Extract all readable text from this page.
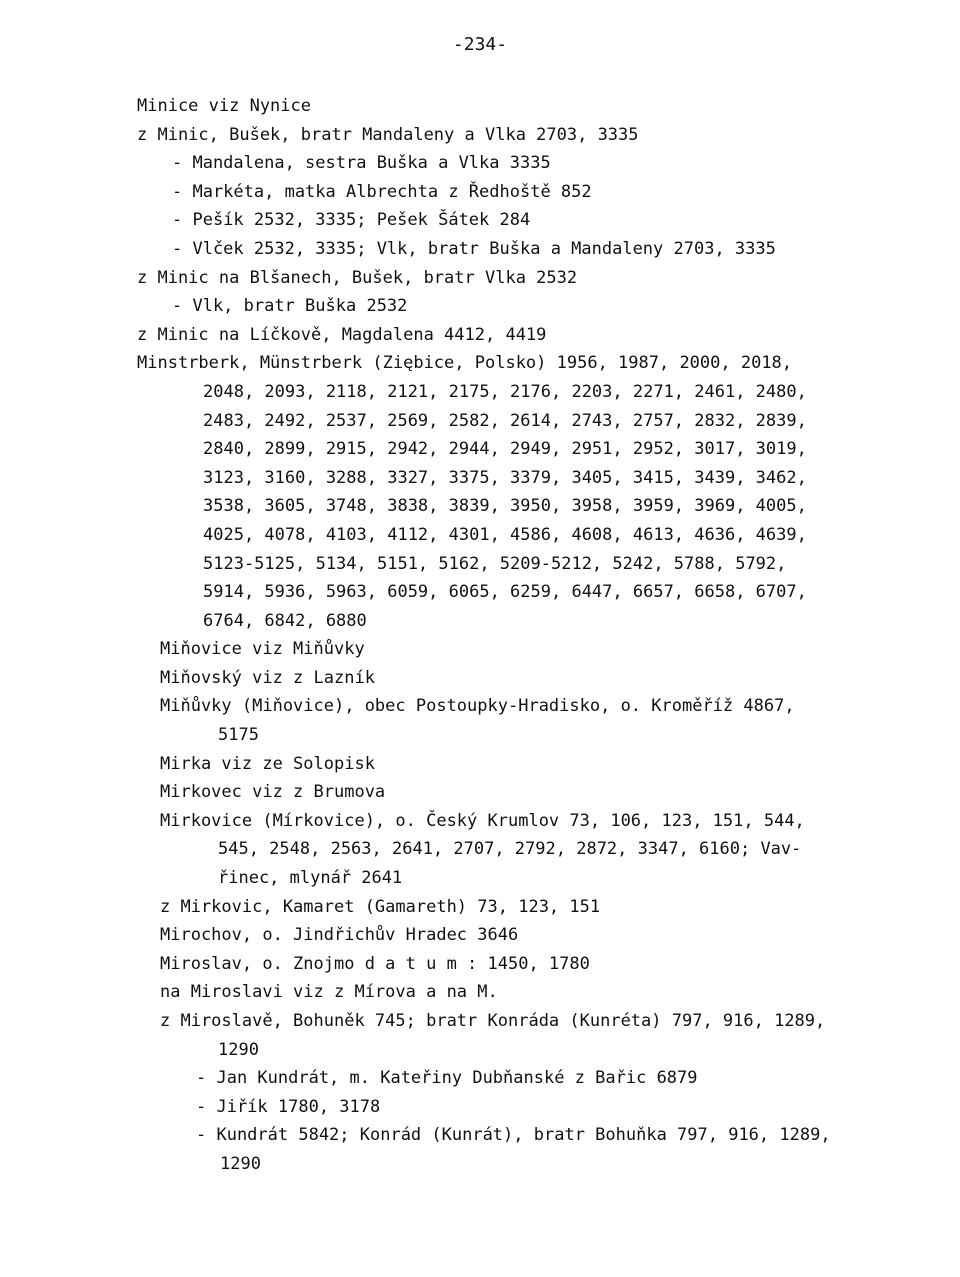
-234-
Minice viz Nynice
z Minic, Bušek, bratr Mandaleny a Vlka 2703, 3335
- Mandalena, sestra Buška a Vlka 3335
- Markéta, matka Albrechta z Ředhoště 852
- Pešík 2532, 3335; Pešek Šátek 284
- Vlček 2532, 3335; Vlk, bratr Buška a Mandaleny 2703, 3335
z Minic na Blšanech, Bušek, bratr Vlka 2532
- Vlk, bratr Buška 2532
z Minic na Líčkově, Magdalena 4412, 4419
Minstrberk, Münstrberk (Ziębice, Polsko) 1956, 1987, 2000, 2018,
2048, 2093, 2118, 2121, 2175, 2176, 2203, 2271, 2461, 2480,
2483, 2492, 2537, 2569, 2582, 2614, 2743, 2757, 2832, 2839,
2840, 2899, 2915, 2942, 2944, 2949, 2951, 2952, 3017, 3019,
3123, 3160, 3288, 3327, 3375, 3379, 3405, 3415, 3439, 3462,
3538, 3605, 3748, 3838, 3839, 3950, 3958, 3959, 3969, 4005,
4025, 4078, 4103, 4112, 4301, 4586, 4608, 4613, 4636, 4639,
5123-5125, 5134, 5151, 5162, 5209-5212, 5242, 5788, 5792,
5914, 5936, 5963, 6059, 6065, 6259, 6447, 6657, 6658, 6707,
6764, 6842, 6880
Miňovice viz Miňůvky
Miňovský viz z Lazník
Miňůvky (Miňovice), obec Postoupky-Hradisko, o. Kroměříž 4867,
5175
Mirka viz ze Solopisk
Mirkovec viz z Brumova
Mirkovice (Mírkovice), o. Český Krumlov 73, 106, 123, 151, 544,
545, 2548, 2563, 2641, 2707, 2792, 2872, 3347, 6160; Vav-
řinec, mlynář 2641
z Mirkovic, Kamaret (Gamareth) 73, 123, 151
Mirochov, o. Jindřichův Hradec 3646
Miroslav, o. Znojmo d a t u m : 1450, 1780
na Miroslavi viz z Mírova a na M.
z Miroslavě, Bohuněk 745; bratr Konráda (Kunréta) 797, 916, 1289,
1290
- Jan Kundrát, m. Kateřiny Dubňanské z Bařic 6879
- Jiřík 1780, 3178
- Kundrát 5842; Konrád (Kunrát), bratr Bohuňka 797, 916, 1289,
1290
